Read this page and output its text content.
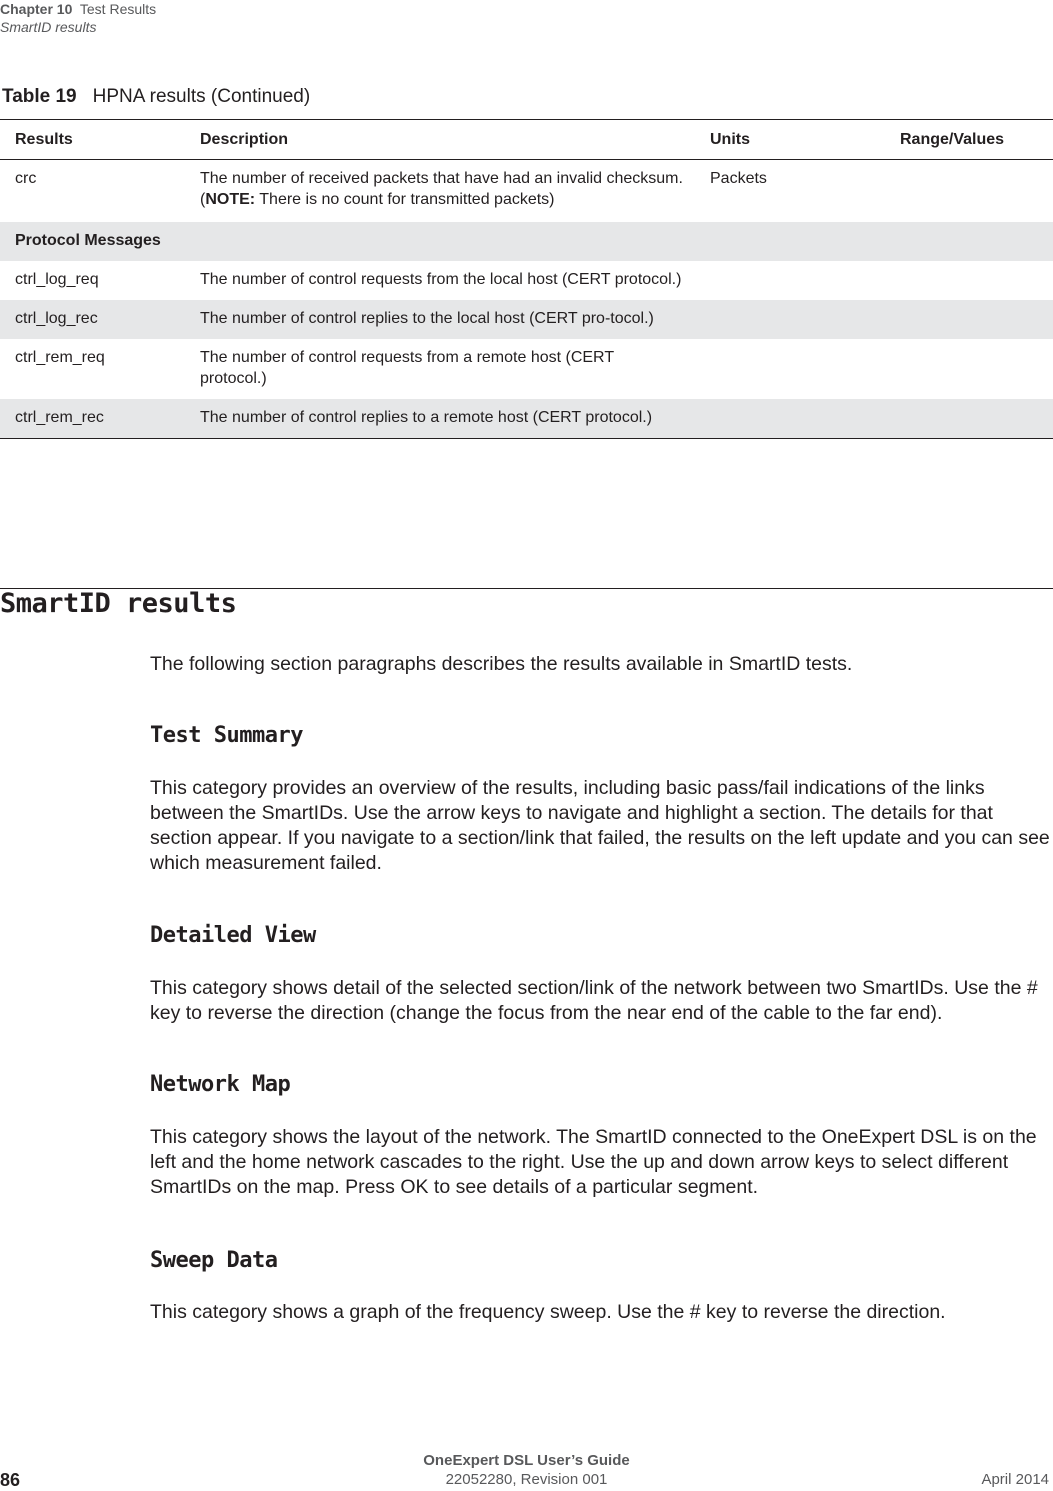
Chapter 10 Test Results
SmartID results
Table 19 HPNA results (Continued)
Results	Description	Units	Range/Values
crc	The number of received packets that have had an invalid checksum.
(NOTE: There is no count for transmitted packets)	Packets	
Protocol Messages			
ctrl_log_req	The number of control requests from the local host (CERT protocol.)		
ctrl_log_rec	The number of control replies to the local host (CERT pro-tocol.)		
ctrl_rem_req	The number of control requests from a remote host (CERT protocol.)		
ctrl_rem_rec	The number of control replies to a remote host (CERT protocol.)		
SmartID results

The following section paragraphs describes the results available in SmartID tests.

Test Summary

This category provides an overview of the results, including basic pass/fail indications of the links between the SmartIDs. Use the arrow keys to navigate and highlight a section. The details for that section appear. If you navigate to a section/link that failed, the results on the left update and you can see which measurement failed.

Detailed View

This category shows detail of the selected section/link of the network between two SmartIDs. Use the # key to reverse the direction (change the focus from the near end of the cable to the far end).

Network Map

This category shows the layout of the network. The SmartID connected to the OneExpert DSL is on the left and the home network cascades to the right. Use the up and down arrow keys to select different SmartIDs on the map. Press OK to see details of a particular segment.

Sweep Data

This category shows a graph of the frequency sweep. Use the # key to reverse the direction.

OneExpert DSL User’s Guide
86	22052280, Revision 001	April 2014
